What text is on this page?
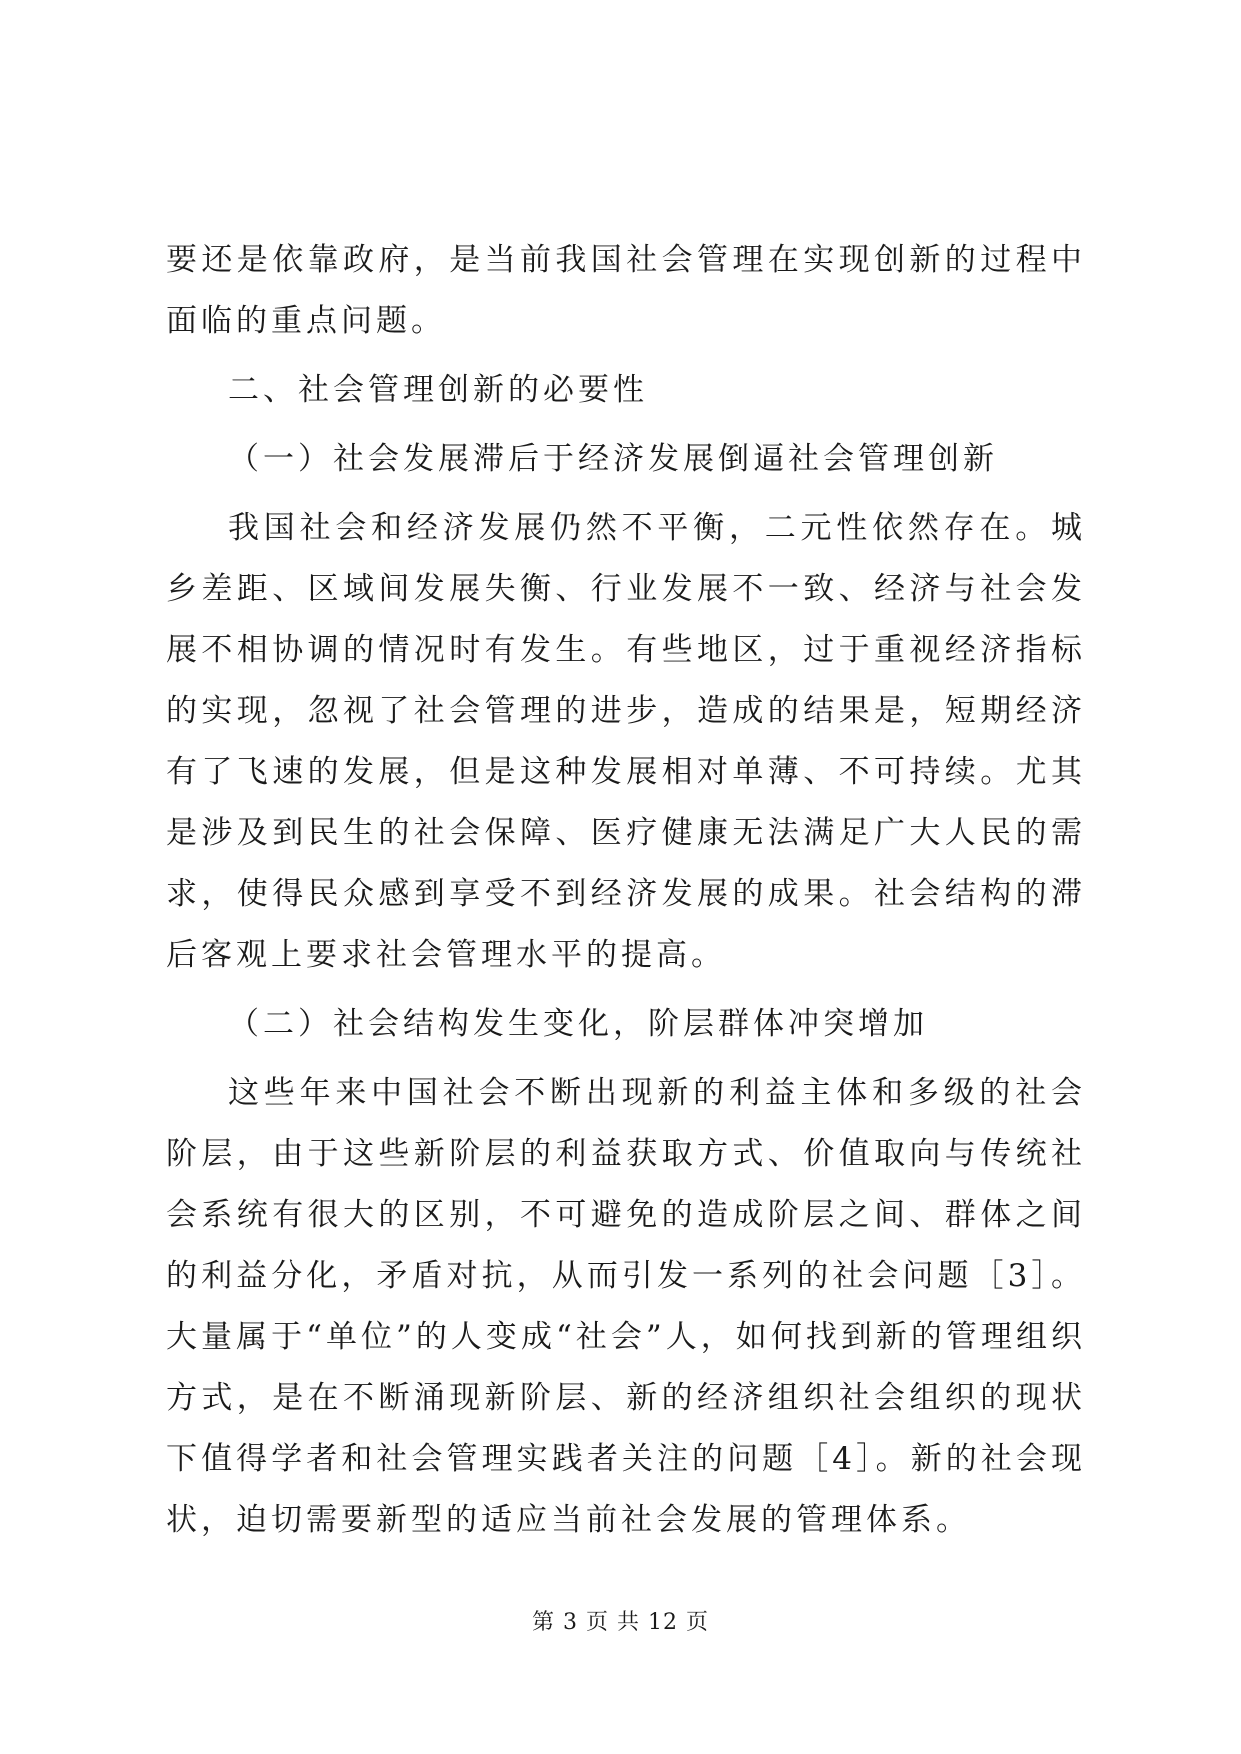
要还是依靠政府，是当前我国社会管理在实现创新的过程中面临的重点问题。

二、社会管理创新的必要性

（一）社会发展滞后于经济发展倒逼社会管理创新

我国社会和经济发展仍然不平衡，二元性依然存在。城乡差距、区域间发展失衡、行业发展不一致、经济与社会发展不相协调的情况时有发生。有些地区，过于重视经济指标的实现，忽视了社会管理的进步，造成的结果是，短期经济有了飞速的发展，但是这种发展相对单薄、不可持续。尤其是涉及到民生的社会保障、医疗健康无法满足广大人民的需求，使得民众感到享受不到经济发展的成果。社会结构的滞后客观上要求社会管理水平的提高。

（二）社会结构发生变化，阶层群体冲突增加

这些年来中国社会不断出现新的利益主体和多级的社会阶层，由于这些新阶层的利益获取方式、价值取向与传统社会系统有很大的区别，不可避免的造成阶层之间、群体之间的利益分化，矛盾对抗，从而引发一系列的社会问题［3］。大量属于“单位”的人变成“社会”人，如何找到新的管理组织方式，是在不断涌现新阶层、新的经济组织社会组织的现状下值得学者和社会管理实践者关注的问题［4］。新的社会现状，迫切需要新型的适应当前社会发展的管理体系。

第 3 页 共 12 页
